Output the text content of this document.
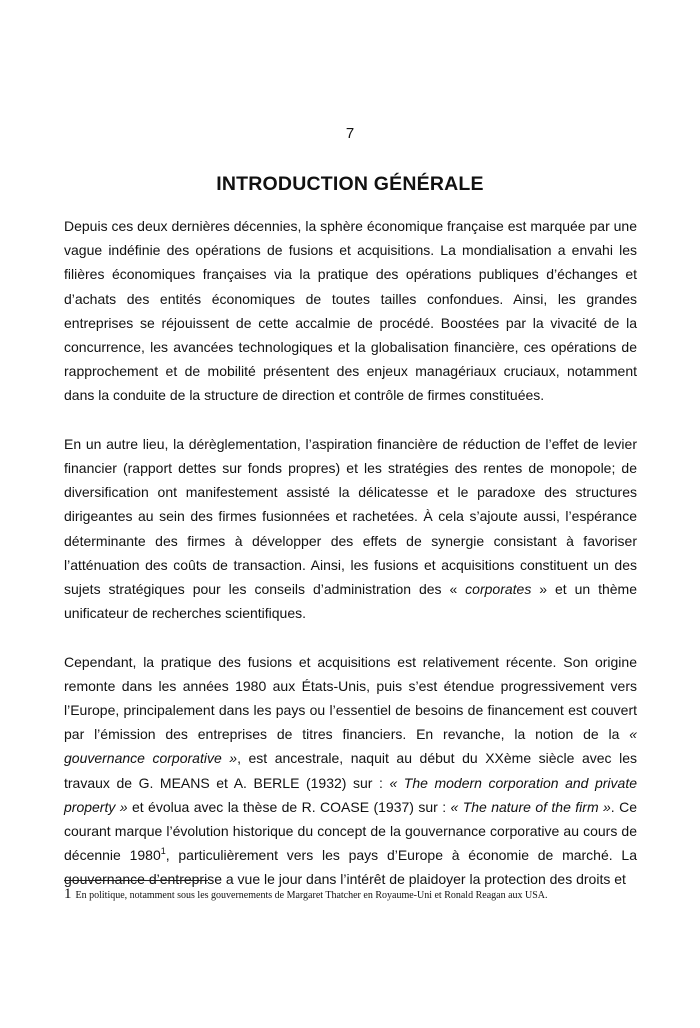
7
INTRODUCTION GÉNÉRALE

Depuis ces deux dernières décennies, la sphère économique française est marquée par une vague indéfinie des opérations de fusions et acquisitions. La mondialisation a envahi les filières économiques françaises via la pratique des opérations publiques d’échanges et d’achats des entités économiques de toutes tailles confondues. Ainsi, les grandes entreprises se réjouissent de cette accalmie de procédé. Boostées par la vivacité de la concurrence, les avancées technologiques et la globalisation financière, ces opérations de rapprochement et de mobilité présentent des enjeux managériaux cruciaux, notamment dans la conduite de la structure de direction et contrôle de firmes constituées.

En un autre lieu, la dérèglementation, l’aspiration financière de réduction de l’effet de levier financier (rapport dettes sur fonds propres) et les stratégies des rentes de monopole; de diversification ont manifestement assisté la délicatesse et le paradoxe des structures dirigeantes au sein des firmes fusionnées et rachetées. À cela s’ajoute aussi, l’espérance déterminante des firmes à développer des effets de synergie consistant à favoriser l’atténuation des coûts de transaction. Ainsi, les fusions et acquisitions constituent un des sujets stratégiques pour les conseils d’administration des « corporates » et un thème unificateur de recherches scientifiques.

Cependant, la pratique des fusions et acquisitions est relativement récente. Son origine remonte dans les années 1980 aux États-Unis, puis s’est étendue progressivement vers l’Europe, principalement dans les pays ou l’essentiel de besoins de financement est couvert par l’émission des entreprises de titres financiers. En revanche, la notion de la « gouvernance corporative », est ancestrale, naquit au début du XXème siècle avec les travaux de G. MEANS et A. BERLE (1932) sur : « The modern corporation and private property » et évolua avec la thèse de R. COASE (1937) sur : « The nature of the firm ». Ce courant marque l’évolution historique du concept de la gouvernance corporative au cours de décennie 1980$^1$, particulièrement vers les pays d’Europe à économie de marché. La gouvernance d’entreprise a vue le jour dans l’intérêt de plaidoyer la protection des droits et

1 En politique, notamment sous les gouvernements de Margaret Thatcher en Royaume-Uni et Ronald Reagan aux USA.
